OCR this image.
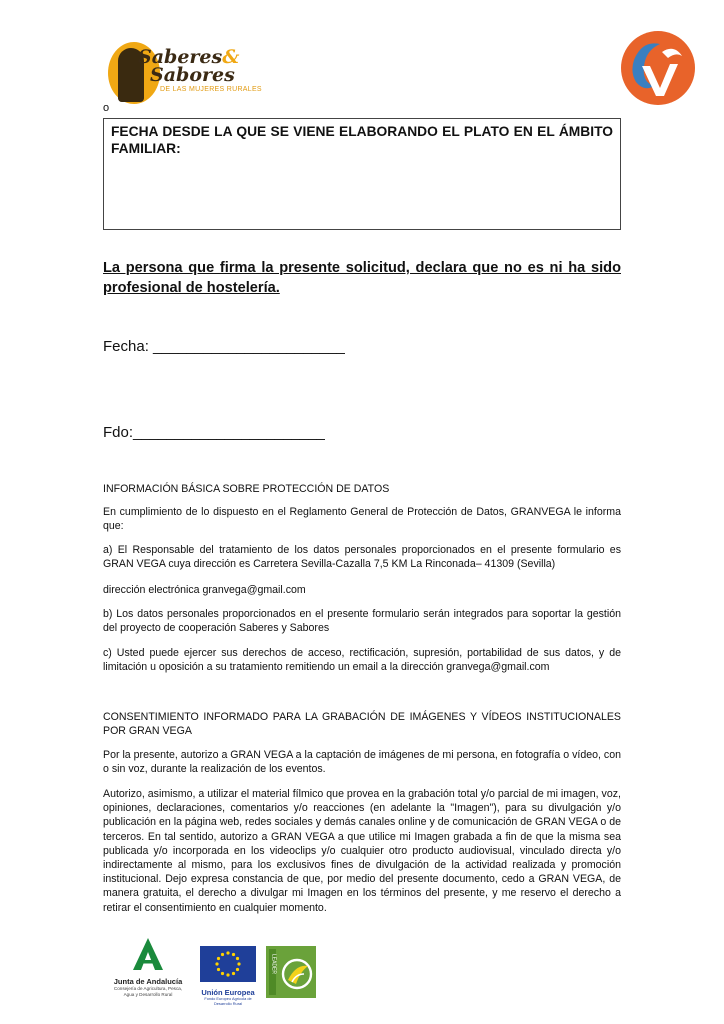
Saberes&
Sabores
DE LAS MUJERES RURALES
o
FECHA DESDE LA QUE SE VIENE ELABORANDO EL PLATO EN EL ÁMBITO FAMILIAR:
La persona que firma la presente solicitud, declara que no es ni ha sido profesional de hostelería.
Fecha: _______________________
Fdo:_______________________
INFORMACIÓN BÁSICA SOBRE PROTECCIÓN DE DATOS
En cumplimiento de lo dispuesto en el Reglamento General de Protección de Datos, GRANVEGA le informa que:
a) El Responsable del tratamiento de los datos personales proporcionados en el presente formulario es GRAN VEGA cuya dirección es Carretera Sevilla-Cazalla 7,5 KM La Rinconada– 41309 (Sevilla)
dirección electrónica granvega@gmail.com
b) Los datos personales proporcionados en el presente formulario serán integrados para soportar la gestión del proyecto de cooperación Saberes y Sabores
c) Usted puede ejercer sus derechos de acceso, rectificación, supresión, portabilidad de sus datos, y de limitación u oposición a su tratamiento remitiendo un email a la dirección granvega@gmail.com
CONSENTIMIENTO INFORMADO PARA LA GRABACIÓN DE IMÁGENES Y VÍDEOS INSTITUCIONALES POR GRAN VEGA
Por la presente, autorizo a GRAN VEGA a la captación de imágenes de mi persona, en fotografía o vídeo, con o sin voz, durante la realización de los eventos.
Autorizo, asimismo, a utilizar el material fílmico que provea en la grabación total y/o parcial de mi imagen, voz, opiniones, declaraciones, comentarios y/o reacciones (en adelante la "Imagen"), para su divulgación y/o publicación en la página web, redes sociales y demás canales online y de comunicación de GRAN VEGA o de terceros. En tal sentido, autorizo a GRAN VEGA a que utilice mi Imagen grabada a fin de que la misma sea publicada y/o incorporada en los videoclips y/o cualquier otro producto audiovisual, vinculado directa y/o indirectamente al mismo, para los exclusivos fines de divulgación de la actividad realizada y promoción institucional. Dejo expresa constancia de que, por medio del presente documento, cedo a GRAN VEGA, de manera gratuita, el derecho a divulgar mi Imagen en los términos del presente, y me reservo el derecho a retirar el consentimiento en cualquier momento.
Junta de Andalucía
Consejería de Agricultura, Pesca, Agua y Desarrollo Rural	Unión Europea
Fondo Europeo Agrícola de Desarrollo Rural
LEADER
